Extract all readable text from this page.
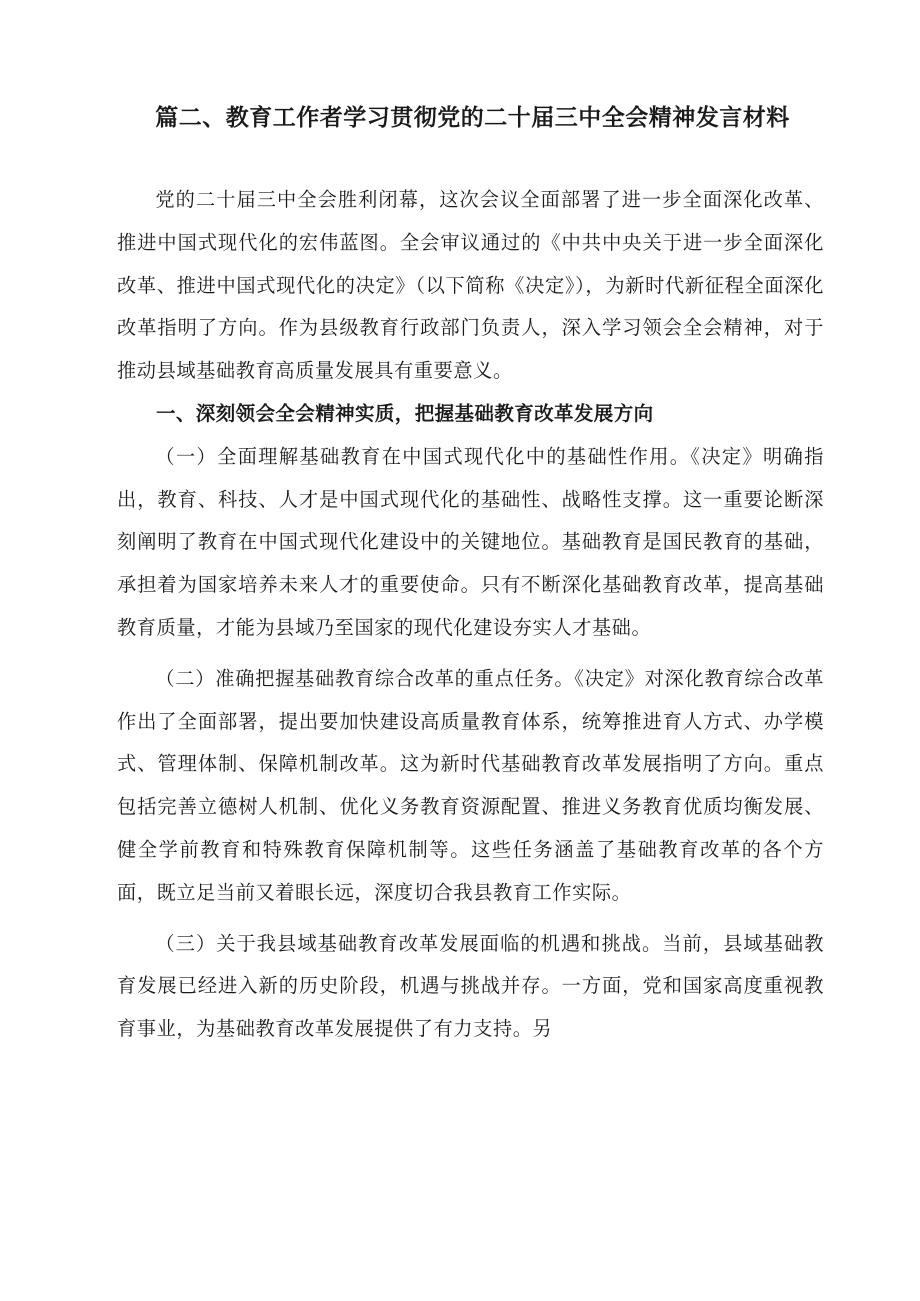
篇二、教育工作者学习贯彻党的二十届三中全会精神发言材料

党的二十届三中全会胜利闭幕，这次会议全面部署了进一步全面深化改革、推进中国式现代化的宏伟蓝图。全会审议通过的《中共中央关于进一步全面深化改革、推进中国式现代化的决定》（以下简称《决定》），为新时代新征程全面深化改革指明了方向。作为县级教育行政部门负责人，深入学习领会全会精神，对于推动县域基础教育高质量发展具有重要意义。

一、深刻领会全会精神实质，把握基础教育改革发展方向

（一）全面理解基础教育在中国式现代化中的基础性作用。《决定》明确指出，教育、科技、人才是中国式现代化的基础性、战略性支撑。这一重要论断深刻阐明了教育在中国式现代化建设中的关键地位。基础教育是国民教育的基础，承担着为国家培养未来人才的重要使命。只有不断深化基础教育改革，提高基础教育质量，才能为县域乃至国家的现代化建设夯实人才基础。

（二）准确把握基础教育综合改革的重点任务。《决定》对深化教育综合改革作出了全面部署，提出要加快建设高质量教育体系，统筹推进育人方式、办学模式、管理体制、保障机制改革。这为新时代基础教育改革发展指明了方向。重点包括完善立德树人机制、优化义务教育资源配置、推进义务教育优质均衡发展、健全学前教育和特殊教育保障机制等。这些任务涵盖了基础教育改革的各个方面，既立足当前又着眼长远，深度切合我县教育工作实际。

（三）关于我县域基础教育改革发展面临的机遇和挑战。当前，县域基础教育发展已经进入新的历史阶段，机遇与挑战并存。一方面，党和国家高度重视教育事业，为基础教育改革发展提供了有力支持。另
